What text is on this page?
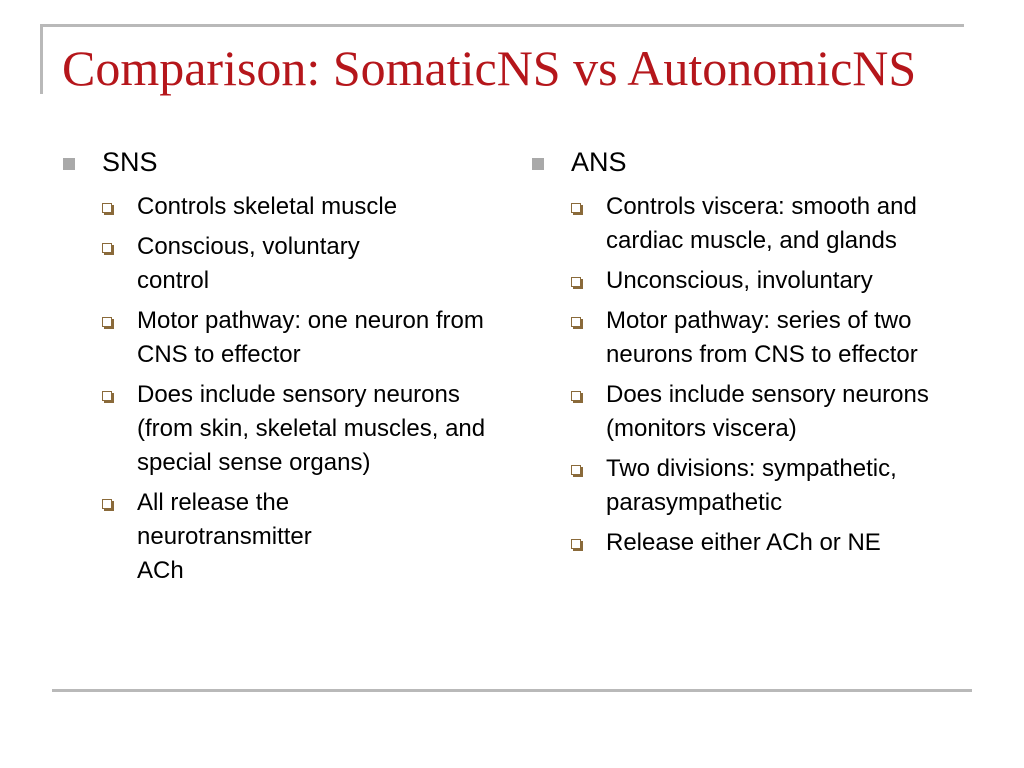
Comparison: SomaticNS vs AutonomicNS
SNS
Controls skeletal muscle
Conscious, voluntary control
Motor pathway: one neuron from CNS to effector
Does include sensory neurons (from skin, skeletal muscles, and special sense organs)
All release the neurotransmitter ACh
ANS
Controls viscera: smooth and cardiac muscle, and glands
Unconscious, involuntary
Motor pathway: series of two neurons from CNS to effector
Does include sensory neurons (monitors viscera)
Two divisions: sympathetic, parasympathetic
Release either ACh or NE
